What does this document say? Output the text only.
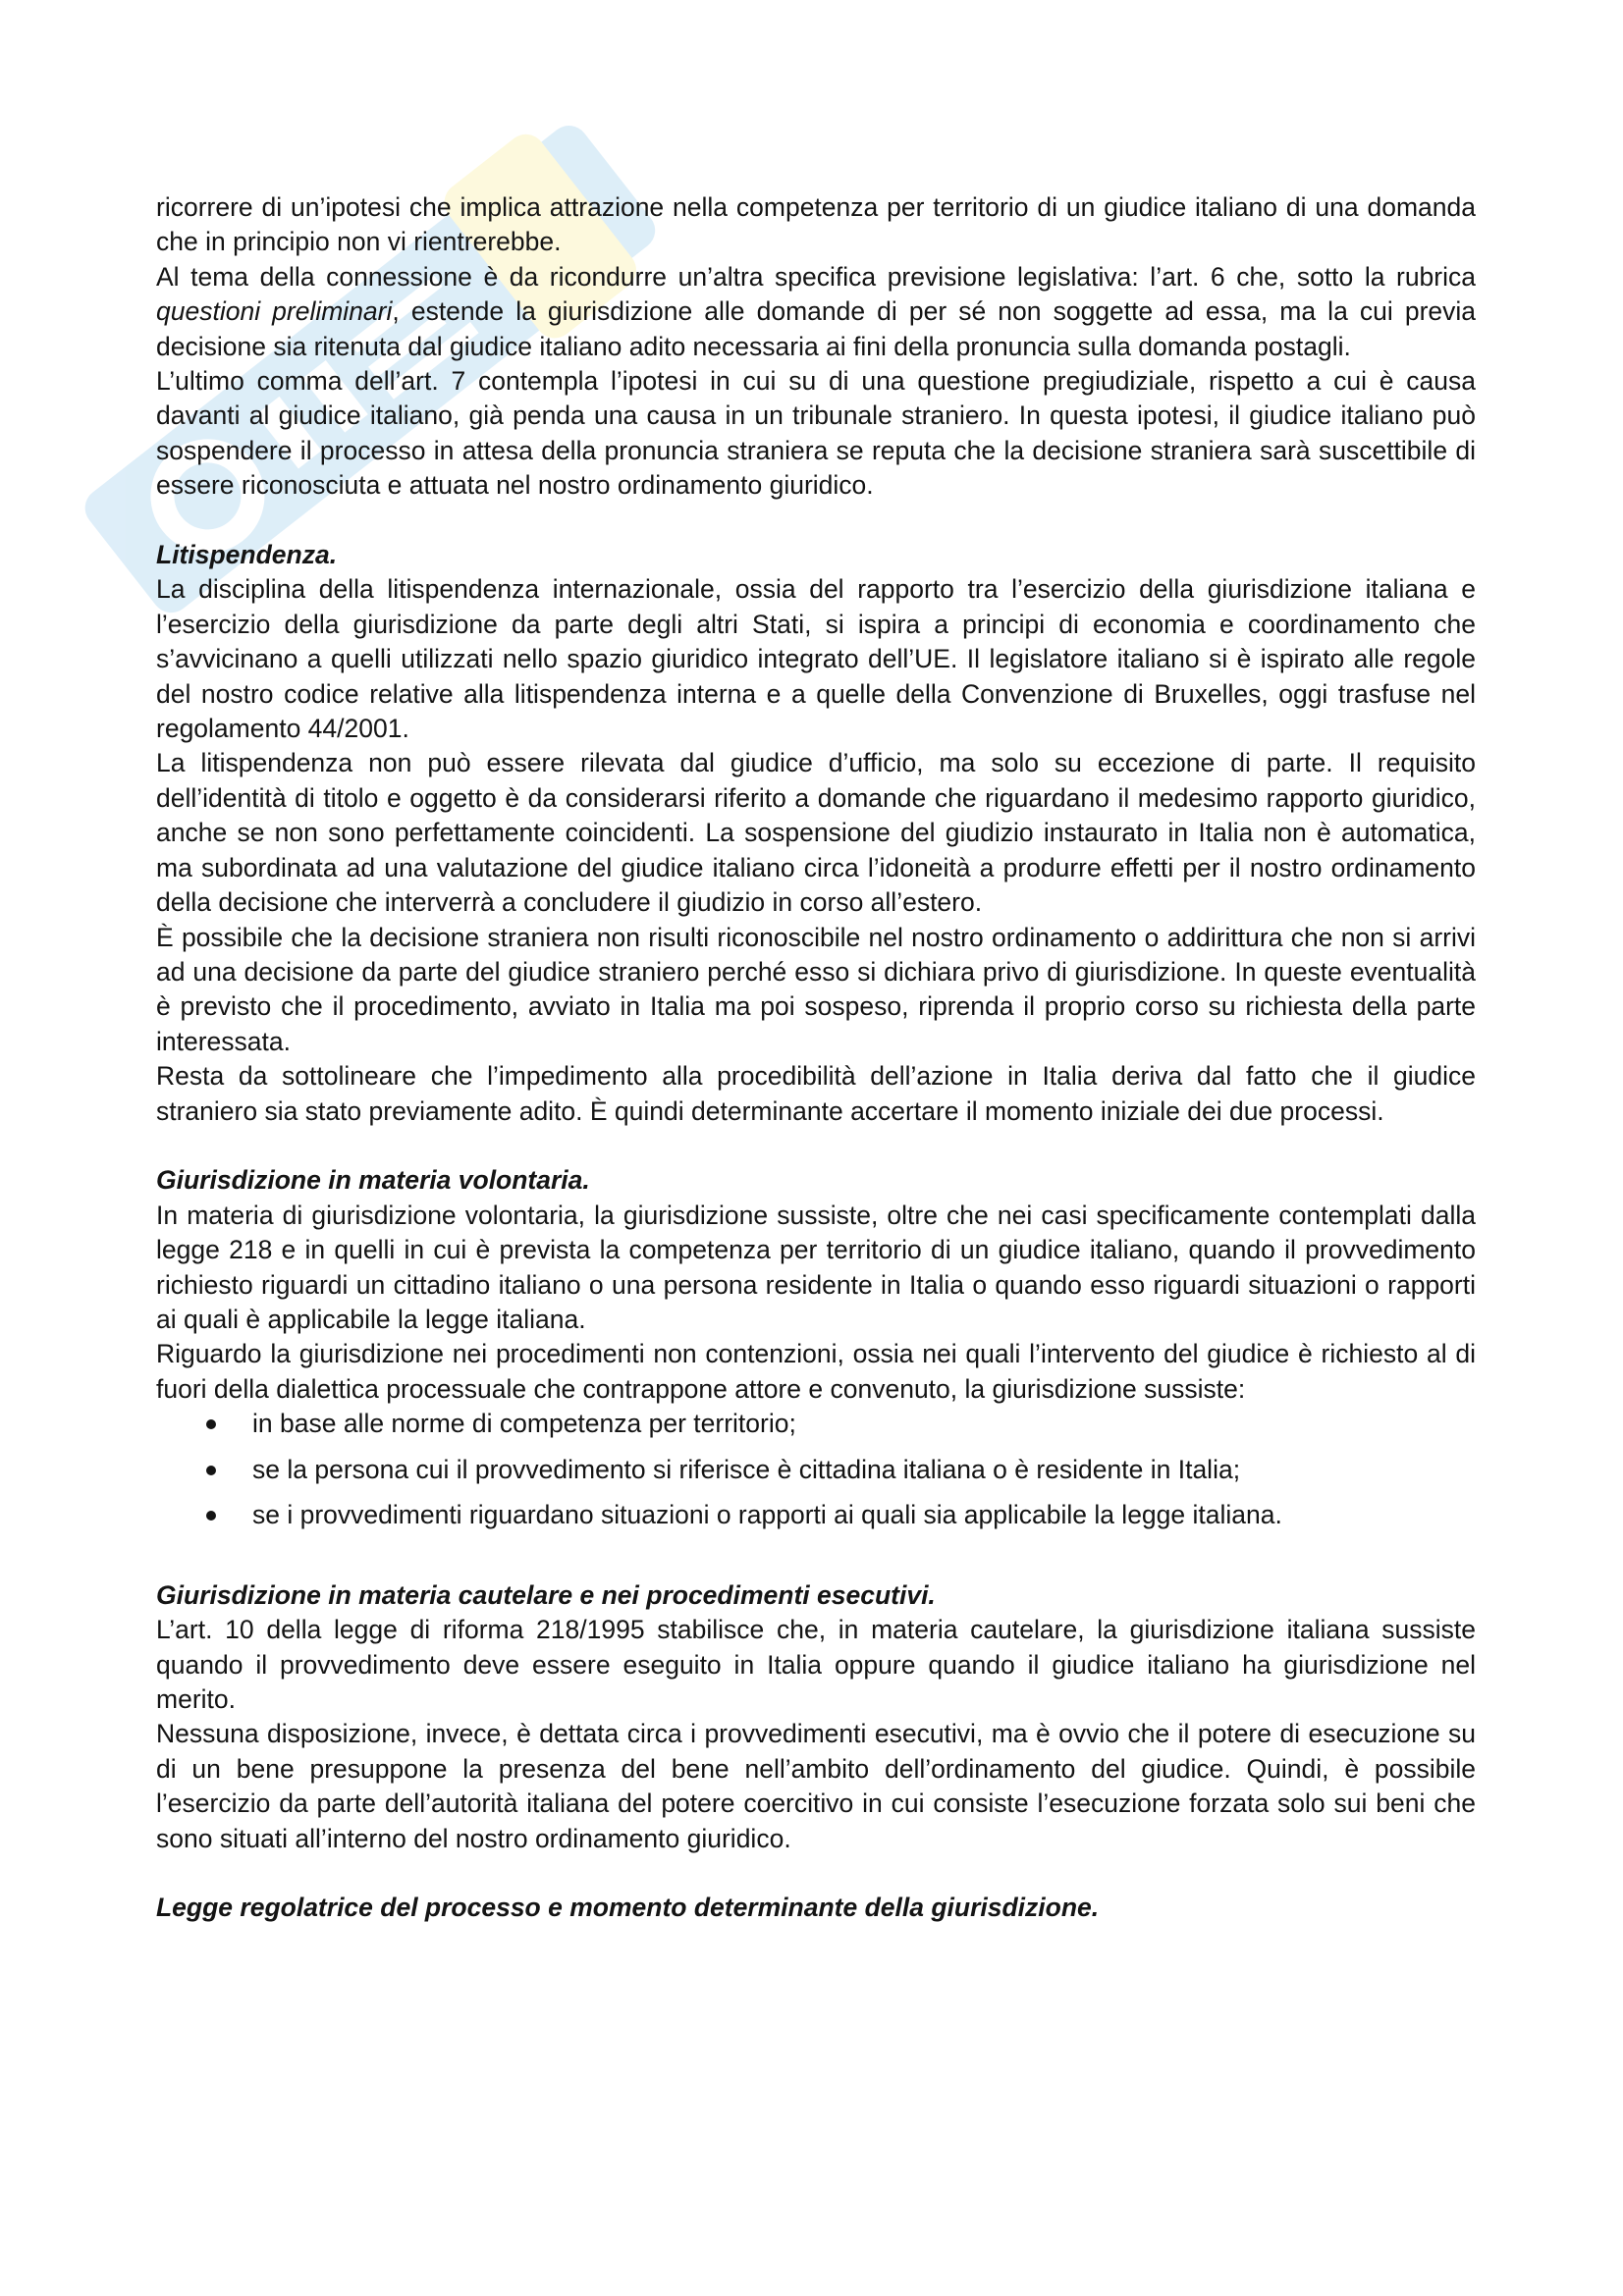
ricorrere di un’ipotesi che implica attrazione nella competenza per territorio di un giudice italiano di una domanda che in principio non vi rientrerebbe.

Al tema della connessione è da ricondurre un’altra specifica previsione legislativa: l’art. 6 che, sotto la rubrica questioni preliminari, estende la giurisdizione alle domande di per sé non soggette ad essa, ma la cui previa decisione sia ritenuta dal giudice italiano adito necessaria ai fini della pronuncia sulla domanda postagli.

L’ultimo comma dell’art. 7 contempla l’ipotesi in cui su di una questione pregiudiziale, rispetto a cui è causa davanti al giudice italiano, già penda una causa in un tribunale straniero. In questa ipotesi, il giudice italiano può sospendere il processo in attesa della pronuncia straniera se reputa che la decisione straniera sarà suscettibile di essere riconosciuta e attuata nel nostro ordinamento giuridico.

Litispendenza.

La disciplina della litispendenza internazionale, ossia del rapporto tra l’esercizio della giurisdizione italiana e l’esercizio della giurisdizione da parte degli altri Stati, si ispira a principi di economia e coordinamento che s’avvicinano a quelli utilizzati nello spazio giuridico integrato dell’UE. Il legislatore italiano si è ispirato alle regole del nostro codice relative alla litispendenza interna e a quelle della Convenzione di Bruxelles, oggi trasfuse nel regolamento 44/2001.

La litispendenza non può essere rilevata dal giudice d’ufficio, ma solo su eccezione di parte. Il requisito dell’identità di titolo e oggetto è da considerarsi riferito a domande che riguardano il medesimo rapporto giuridico, anche se non sono perfettamente coincidenti. La sospensione del giudizio instaurato in Italia non è automatica, ma subordinata ad una valutazione del giudice italiano circa l’idoneità a produrre effetti per il nostro ordinamento della decisione che interverrà a concludere il giudizio in corso all’estero.

È possibile che la decisione straniera non risulti riconoscibile nel nostro ordinamento o addirittura che non si arrivi ad una decisione da parte del giudice straniero perché esso si dichiara privo di giurisdizione. In queste eventualità è previsto che il procedimento, avviato in Italia ma poi sospeso, riprenda il proprio corso su richiesta della parte interessata.

Resta da sottolineare che l’impedimento alla procedibilità dell’azione in Italia deriva dal fatto che il giudice straniero sia stato previamente adito. È quindi determinante accertare il momento iniziale dei due processi.

Giurisdizione in materia volontaria.

In materia di giurisdizione volontaria, la giurisdizione sussiste, oltre che nei casi specificamente contemplati dalla legge 218 e in quelli in cui è prevista la competenza per territorio di un giudice italiano, quando il provvedimento richiesto riguardi un cittadino italiano o una persona residente in Italia o quando esso riguardi situazioni o rapporti ai quali è applicabile la legge italiana.

Riguardo la giurisdizione nei procedimenti non contenzioni, ossia nei quali l’intervento del giudice è richiesto al di fuori della dialettica processuale che contrappone attore e convenuto, la giurisdizione sussiste:

in base alle norme di competenza per territorio;
se la persona cui il provvedimento si riferisce è cittadina italiana o è residente in Italia;
se i provvedimenti riguardano situazioni o rapporti ai quali sia applicabile la legge italiana.
Giurisdizione in materia cautelare e nei procedimenti esecutivi.

L’art. 10 della legge di riforma 218/1995 stabilisce che, in materia cautelare, la giurisdizione italiana sussiste quando il provvedimento deve essere eseguito in Italia oppure quando il giudice italiano ha giurisdizione nel merito.

Nessuna disposizione, invece, è dettata circa i provvedimenti esecutivi, ma è ovvio che il potere di esecuzione su di un bene presuppone la presenza del bene nell’ambito dell’ordinamento del giudice. Quindi, è possibile l’esercizio da parte dell’autorità italiana del potere coercitivo in cui consiste l’esecuzione forzata solo sui beni che sono situati all’interno del nostro ordinamento giuridico.

Legge regolatrice del processo e momento determinante della giurisdizione.
